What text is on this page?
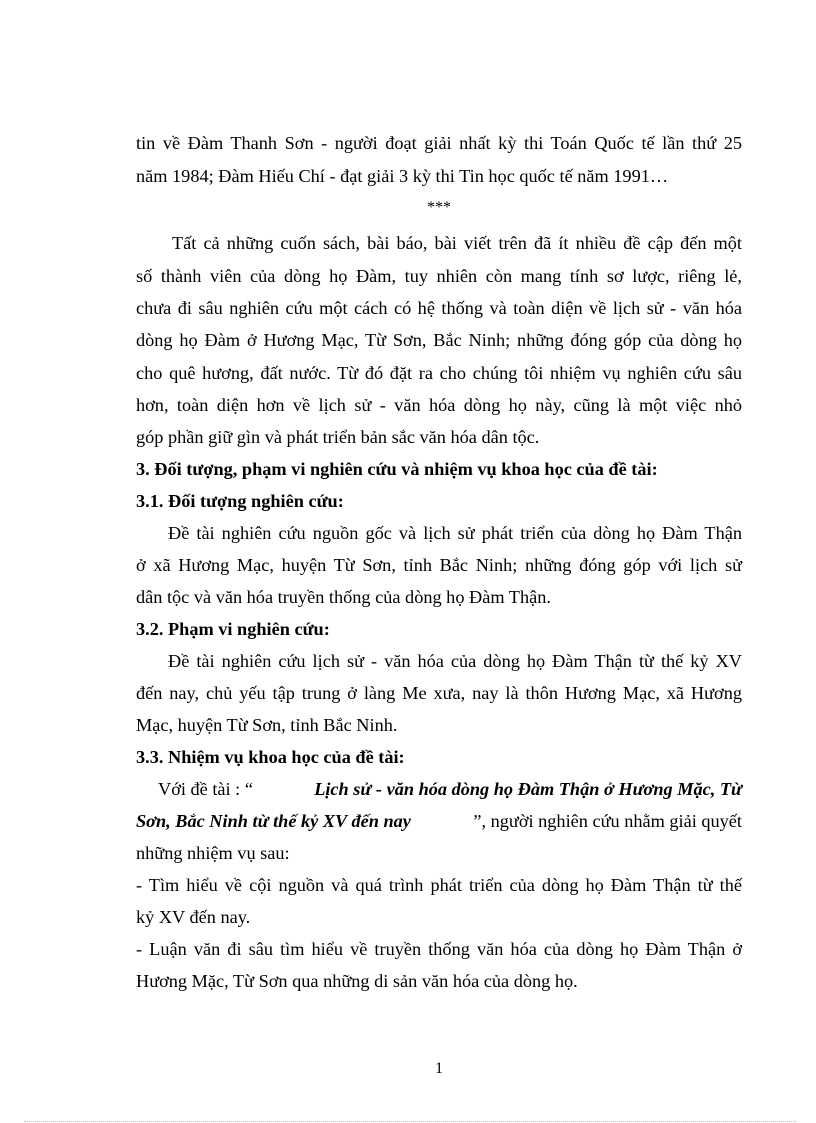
tin về Đàm Thanh Sơn - người đoạt giải nhất kỳ thi Toán Quốc tế lần thứ 25
năm 1984; Đàm Hiếu Chí - đạt giải 3 kỳ thi Tin học quốc tế năm 1991…
***
Tất cả những cuốn sách, bài báo, bài viết trên đã ít nhiều đề cập đến một
số thành viên của dòng họ Đàm, tuy nhiên còn mang tính sơ lược, riêng lẻ,
chưa đi sâu nghiên cứu một cách có hệ thống và toàn diện về lịch sử - văn hóa
dòng họ Đàm ở Hương Mạc, Từ Sơn, Bắc Ninh; những đóng góp của dòng họ
cho quê hương, đất nước. Từ đó đặt ra cho chúng tôi nhiệm vụ nghiên cứu sâu
hơn, toàn diện hơn về lịch sử - văn hóa dòng họ này, cũng là một việc nhỏ
góp phần giữ gìn và phát triển bản sắc văn hóa dân tộc.
3. Đối tượng, phạm vi nghiên cứu và nhiệm vụ khoa học của đề tài:
3.1. Đối tượng nghiên cứu:
Đề tài nghiên cứu nguồn gốc và lịch sử phát triển của dòng họ Đàm Thận
ở xã Hương Mạc, huyện Từ Sơn, tỉnh Bắc Ninh; những đóng góp với lịch sử
dân tộc và văn hóa truyền thống của dòng họ Đàm Thận.
3.2. Phạm vi nghiên cứu:
Đề tài nghiên cứu lịch sử - văn hóa của dòng họ Đàm Thận từ thế kỷ XV
đến nay, chủ yếu tập trung ở làng Me xưa, nay là thôn Hương Mạc, xã Hương
Mạc, huyện Từ Sơn, tỉnh Bắc Ninh.
3.3. Nhiệm vụ khoa học của đề tài:
Với đề tài : “	Lịch sử - văn hóa dòng họ Đàm Thận ở Hương Mặc, Từ
Sơn, Bắc Ninh từ thế kỷ XV đến nay	”, người nghiên cứu nhằm giải quyết
những nhiệm vụ sau:
- Tìm hiểu về cội nguồn và quá trình phát triển của dòng họ Đàm Thận từ thế
kỷ XV đến nay.
- Luận văn đi sâu tìm hiểu về truyền thống văn hóa của dòng họ Đàm Thận ở
Hương Mặc, Từ Sơn qua những di sản văn hóa của dòng họ.
1
